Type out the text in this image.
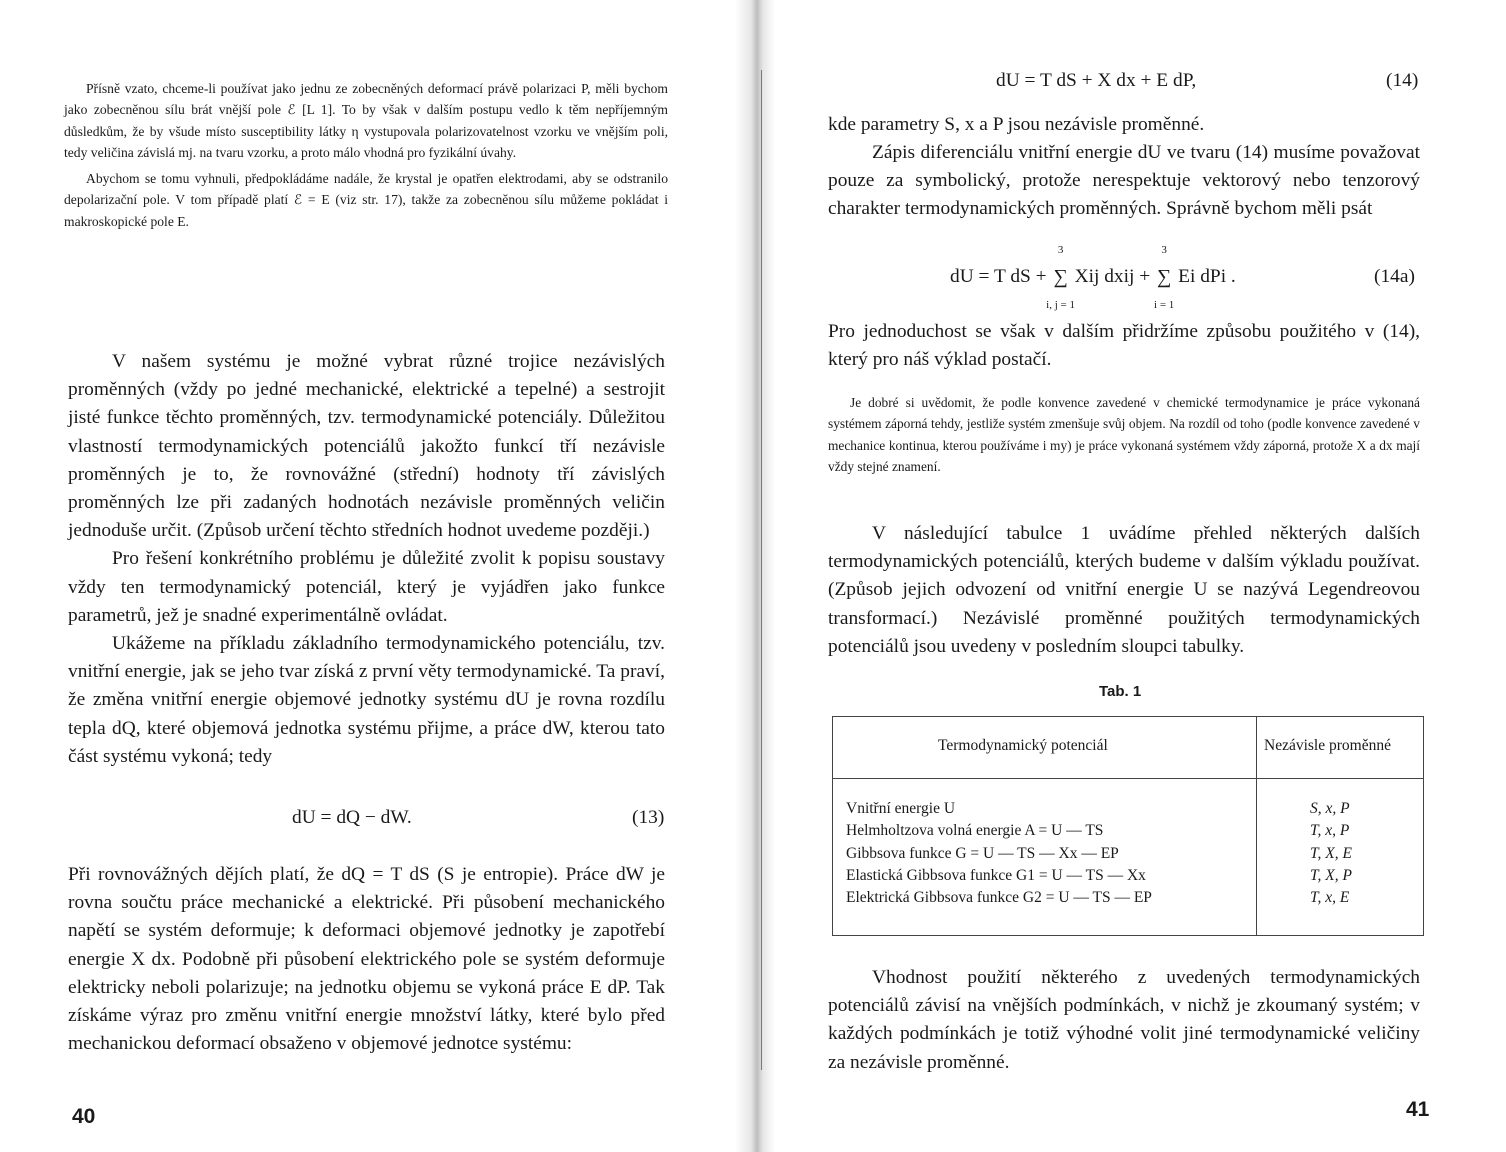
Přísně vzato, chceme-li používat jako jednu ze zobecněných deformací právě polarizaci P, měli bychom jako zobecněnou sílu brát vnější pole ℰ [L 1]. To by však v dalším postupu vedlo k těm nepříjemným důsledkům, že by všude místo susceptibility látky η vystupovala polarizovatelnost vzorku ve vnějším poli, tedy veličina závislá mj. na tvaru vzorku, a proto málo vhodná pro fyzikální úvahy.
Abychom se tomu vyhnuli, předpokládáme nadále, že krystal je opatřen elektrodami, aby se odstranilo depolarizační pole. V tom případě platí ℰ = E (viz str. 17), takže za zobecněnou sílu můžeme pokládat i makroskopické pole E.
V našem systému je možné vybrat různé trojice nezávislých proměnných (vždy po jedné mechanické, elektrické a tepelné) a sestrojit jisté funkce těchto proměnných, tzv. termodynamické potenciály. Důležitou vlastností termodynamických potenciálů jakožto funkcí tří nezávisle proměnných je to, že rovnovážné (střední) hodnoty tří závislých proměnných lze při zadaných hodnotách nezávisle proměnných veličin jednoduše určit. (Způsob určení těchto středních hodnot uvedeme později.)
Pro řešení konkrétního problému je důležité zvolit k popisu soustavy vždy ten termodynamický potenciál, který je vyjádřen jako funkce parametrů, jež je snadné experimentálně ovládat.
Ukážeme na příkladu základního termodynamického potenciálu, tzv. vnitřní energie, jak se jeho tvar získá z první věty termodynamické. Ta praví, že změna vnitřní energie objemové jednotky systému dU je rovna rozdílu tepla dQ, které objemová jednotka systému přijme, a práce dW, kterou tato část systému vykoná; tedy
dU = dQ − dW.	(13)
Při rovnovážných dějích platí, že dQ = T dS (S je entropie). Práce dW je rovna součtu práce mechanické a elektrické. Při působení mechanického napětí se systém deformuje; k deformaci objemové jednotky je zapotřebí energie X dx. Podobně při působení elektrického pole se systém deformuje elektricky neboli polarizuje; na jednotku objemu se vykoná práce E dP. Tak získáme výraz pro změnu vnitřní energie množství látky, které bylo před mechanickou deformací obsaženo v objemové jednotce systému:
40
dU = T dS + X dx + E dP,	(14)
kde parametry S, x a P jsou nezávisle proměnné.
Zápis diferenciálu vnitřní energie dU ve tvaru (14) musíme považovat pouze za symbolický, protože nerespektuje vektorový nebo tenzorový charakter termodynamických proměnných. Správně bychom měli psát
dU = T dS +
3
∑
i, j = 1
Xij dxij +
3
∑
i = 1
Ei dPi .	(14a)
Pro jednoduchost se však v dalším přidržíme způsobu použitého v (14), který pro náš výklad postačí.
Je dobré si uvědomit, že podle konvence zavedené v chemické termodynamice je práce vykonaná systémem záporná tehdy, jestliže systém zmenšuje svůj objem. Na rozdíl od toho (podle konvence zavedené v mechanice kontinua, kterou používáme i my) je práce vykonaná systémem vždy záporná, protože X a dx mají vždy stejné znamení.
V následující tabulce 1 uvádíme přehled některých dalších termodynamických potenciálů, kterých budeme v dalším výkladu používat. (Způsob jejich odvození od vnitřní energie U se nazývá Legendreovou transformací.) Nezávislé proměnné použitých termodynamických potenciálů jsou uvedeny v posledním sloupci tabulky.
Tab. 1
Vhodnost použití některého z uvedených termodynamických potenciálů závisí na vnějších podmínkách, v nichž je zkoumaný systém; v každých podmínkách je totiž výhodné volit jiné termodynamické veličiny za nezávisle proměnné.
41
Termodynamický potenciál	Nezávisle proměnné
Vnitřní energie U	S, x, P
Helmholtzova volná energie A = U — TS	T, x, P
Gibbsova funkce G = U — TS — Xx — EP	T, X, E
Elastická Gibbsova funkce G1 = U — TS — Xx	T, X, P
Elektrická Gibbsova funkce G2 = U — TS — EP	T, x, E
